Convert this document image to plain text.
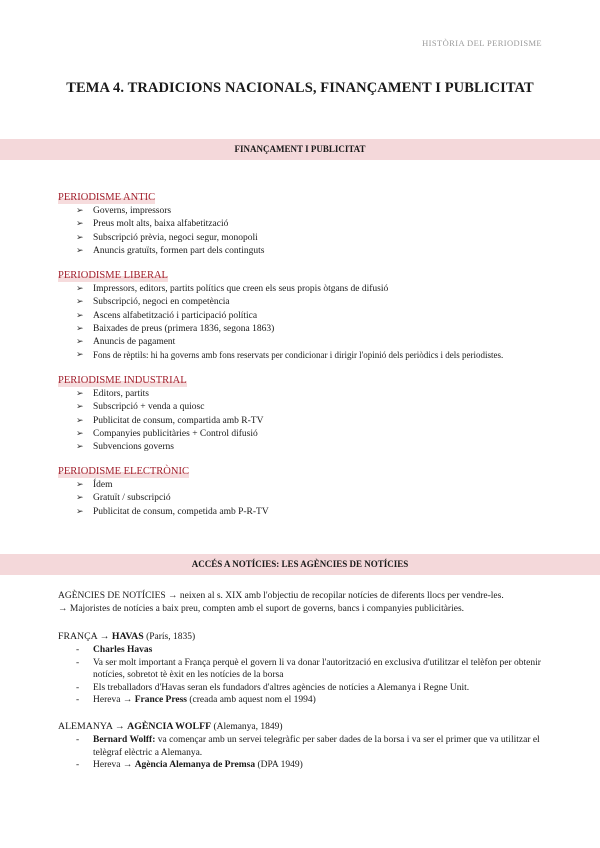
HISTÒRIA DEL PERIODISME
TEMA 4. TRADICIONS NACIONALS, FINANÇAMENT I PUBLICITAT
FINANÇAMENT I PUBLICITAT
PERIODISME ANTIC
➢ Governs, impressors
➢ Preus molt alts, baixa alfabetització
➢ Subscripció prèvia, negoci segur, monopoli
➢ Anuncis gratuïts, formen part dels continguts
PERIODISME LIBERAL
➢ Impressors, editors, partits polítics que creen els seus propis òtgans de difusió
➢ Subscripció, negoci en competència
➢ Ascens alfabetització i participació política
➢ Baixades de preus (primera 1836, segona 1863)
➢ Anuncis de pagament
➢ Fons de rèptils: hi ha governs amb fons reservats per condicionar i dirigir l'opinió dels periòdics i dels periodistes.
PERIODISME INDUSTRIAL
➢ Editors, partits
➢ Subscripció + venda a quiosc
➢ Publicitat de consum, compartida amb R-TV
➢ Companyies publicitàries + Control difusió
➢ Subvencions governs
PERIODISME ELECTRÒNIC
➢ Ídem
➢ Gratuït / subscripció
➢ Publicitat de consum, competida amb P-R-TV
ACCÉS A NOTÍCIES: LES AGÈNCIES DE NOTÍCIES

AGÈNCIES DE NOTÍCIES → neixen al s. XIX amb l'objectiu de recopilar notícies de diferents llocs per vendre-les.

→ Majoristes de notícies a baix preu, compten amb el suport de governs, bancs i companyies publicitàries.

FRANÇA → HAVAS (París, 1835)

- Charles Havas
- Va ser molt important a França perquè el govern li va donar l'autorització en exclusiva d'utilitzar el telèfon per obtenir notícies, sobretot tè èxit en les notícies de la borsa
- Els treballadors d'Havas seran els fundadors d'altres agències de notícies a Alemanya i Regne Unit.
- Hereva → France Press (creada amb aquest nom el 1994)

ALEMANYA → AGÈNCIA WOLFF (Alemanya, 1849)

- Bernard Wolff: va començar amb un servei telegràfic per saber dades de la borsa i va ser el primer que va utilitzar el telègraf elèctric a Alemanya.
- Hereva → Agència Alemanya de Premsa (DPA 1949)
